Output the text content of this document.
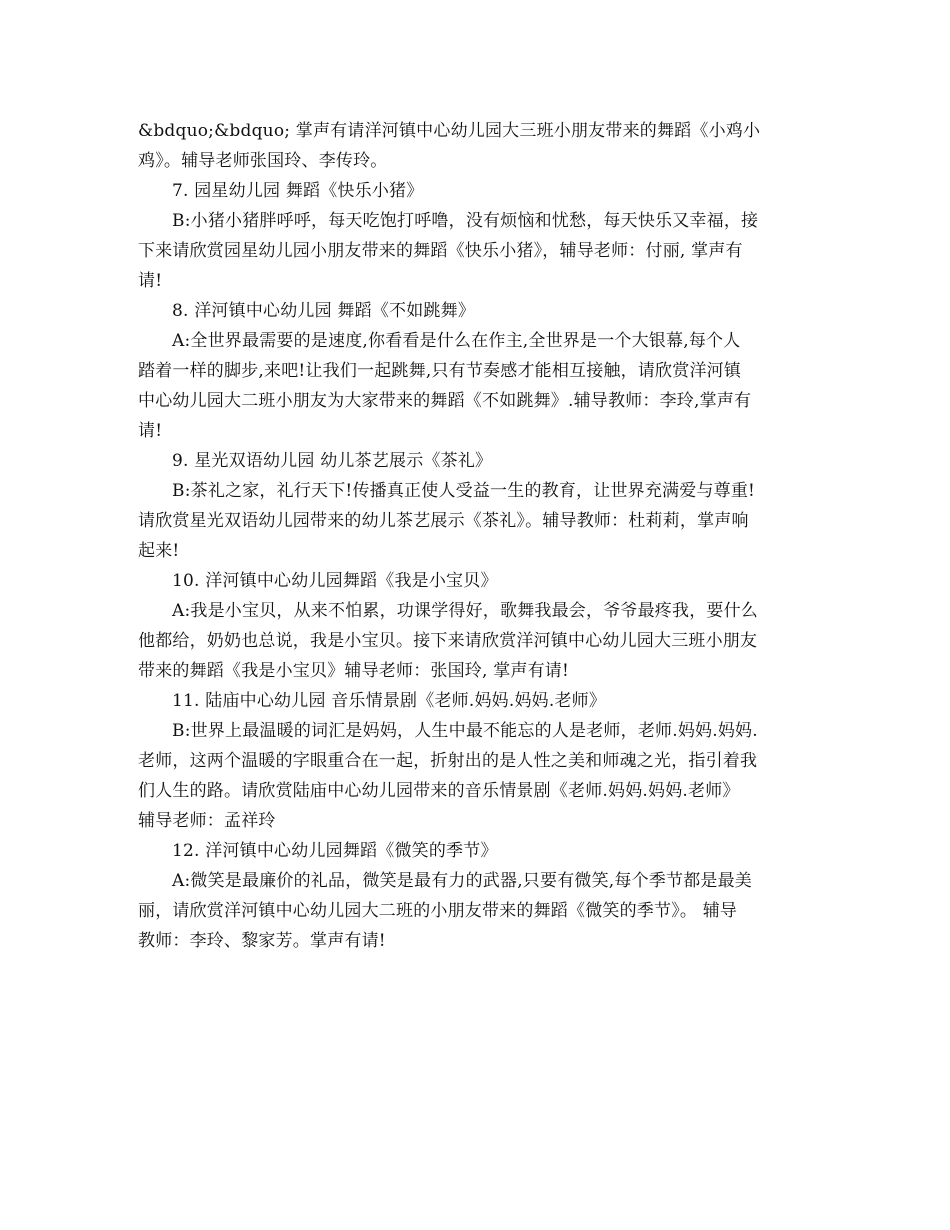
&bdquo;&bdquo; 掌声有请洋河镇中心幼儿园大三班小朋友带来的舞蹈《小鸡小
鸡》。辅导老师张国玲、李传玲。
7. 园星幼儿园 舞蹈《快乐小猪》
B:小猪小猪胖呼呼，每天吃饱打呼噜，没有烦恼和忧愁，每天快乐又幸福，接
下来请欣赏园星幼儿园小朋友带来的舞蹈《快乐小猪》，辅导老师：付丽, 掌声有
请!
8. 洋河镇中心幼儿园 舞蹈《不如跳舞》
A:全世界最需要的是速度,你看看是什么在作主,全世界是一个大银幕,每个人
踏着一样的脚步,来吧!让我们一起跳舞,只有节奏感才能相互接触，请欣赏洋河镇
中心幼儿园大二班小朋友为大家带来的舞蹈《不如跳舞》.辅导教师：李玲,掌声有
请!
9. 星光双语幼儿园 幼儿茶艺展示《茶礼》
B:茶礼之家，礼行天下!传播真正使人受益一生的教育，让世界充满爱与尊重!
请欣赏星光双语幼儿园带来的幼儿茶艺展示《茶礼》。辅导教师：杜莉莉，掌声响
起来!
10. 洋河镇中心幼儿园舞蹈《我是小宝贝》
A:我是小宝贝，从来不怕累，功课学得好，歌舞我最会，爷爷最疼我，要什么
他都给，奶奶也总说，我是小宝贝。接下来请欣赏洋河镇中心幼儿园大三班小朋友
带来的舞蹈《我是小宝贝》辅导老师：张国玲, 掌声有请!
11. 陆庙中心幼儿园 音乐情景剧《老师.妈妈.妈妈.老师》
B:世界上最温暖的词汇是妈妈，人生中最不能忘的人是老师，老师.妈妈.妈妈.
老师，这两个温暖的字眼重合在一起，折射出的是人性之美和师魂之光，指引着我
们人生的路。请欣赏陆庙中心幼儿园带来的音乐情景剧《老师.妈妈.妈妈.老师》
辅导老师：孟祥玲
12. 洋河镇中心幼儿园舞蹈《微笑的季节》
A:微笑是最廉价的礼品，微笑是最有力的武器,只要有微笑,每个季节都是最美
丽，请欣赏洋河镇中心幼儿园大二班的小朋友带来的舞蹈《微笑的季节》。 辅导
教师：李玲、黎家芳。掌声有请!
